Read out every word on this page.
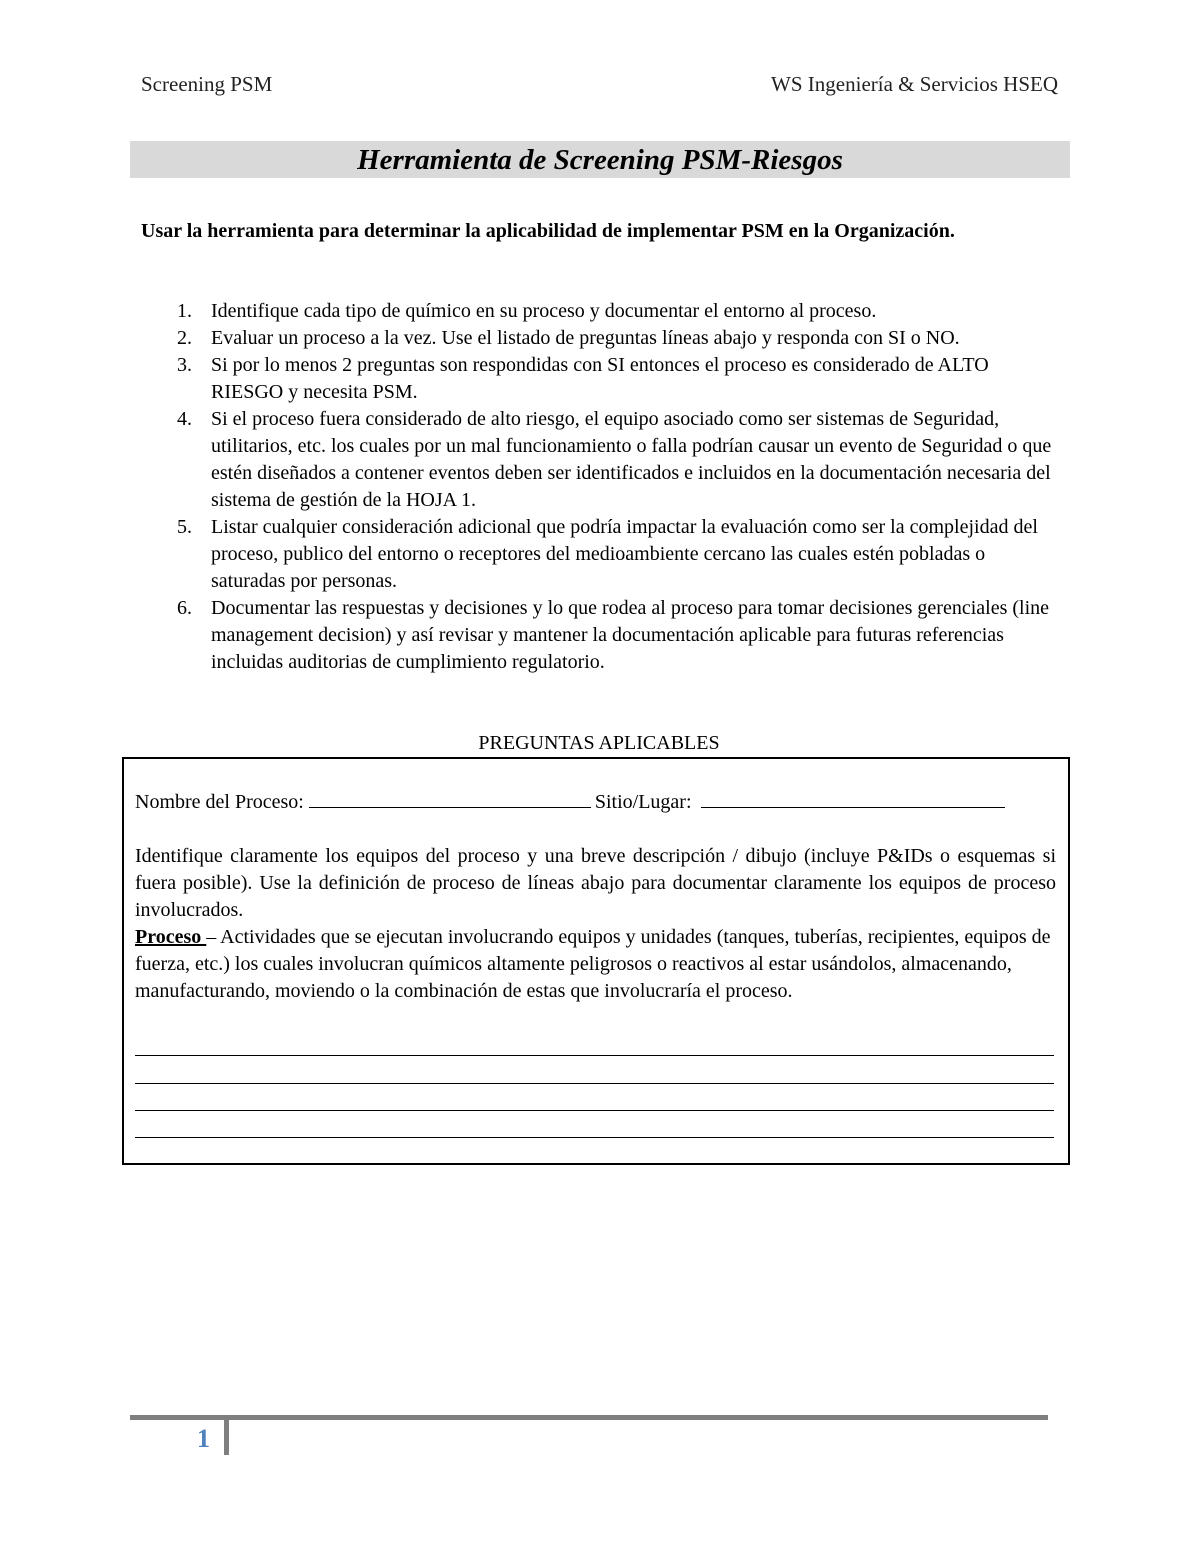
Screening PSM	WS Ingeniería & Servicios HSEQ
Herramienta de Screening PSM-Riesgos
Usar la herramienta para determinar la aplicabilidad de implementar PSM en la Organización.
1. Identifique cada tipo de químico en su proceso y documentar el entorno al proceso.
2. Evaluar un proceso a la vez. Use el listado de preguntas líneas abajo y responda con SI o NO.
3. Si por lo menos 2 preguntas son respondidas con SI entonces el proceso es considerado de ALTO RIESGO y necesita PSM.
4. Si el proceso fuera considerado de alto riesgo, el equipo asociado como ser sistemas de Seguridad, utilitarios, etc. los cuales por un mal funcionamiento o falla podrían causar un evento de Seguridad o que estén diseñados a contener eventos deben ser identificados e incluidos en la documentación necesaria del sistema de gestión de la HOJA 1.
5. Listar cualquier consideración adicional que podría impactar la evaluación como ser la complejidad del proceso, publico del entorno o receptores del medioambiente cercano las cuales estén pobladas o saturadas por personas.
6. Documentar las respuestas y decisiones y lo que rodea al proceso para tomar decisiones gerenciales (line management decision) y así revisar y mantener la documentación aplicable para futuras referencias incluidas auditorias de cumplimiento regulatorio.
PREGUNTAS APLICABLES
Nombre del Proceso:	Sitio/Lugar:
Identifique claramente los equipos del proceso y una breve descripción / dibujo (incluye P&IDs o esquemas si fuera posible). Use la definición de proceso de líneas abajo para documentar claramente los equipos de proceso involucrados.
Proceso – Actividades que se ejecutan involucrando equipos y unidades (tanques, tuberías, recipientes, equipos de fuerza, etc.) los cuales involucran químicos altamente peligrosos o reactivos al estar usándolos, almacenando, manufacturando, moviendo o la combinación de estas que involucraría el proceso.
1
